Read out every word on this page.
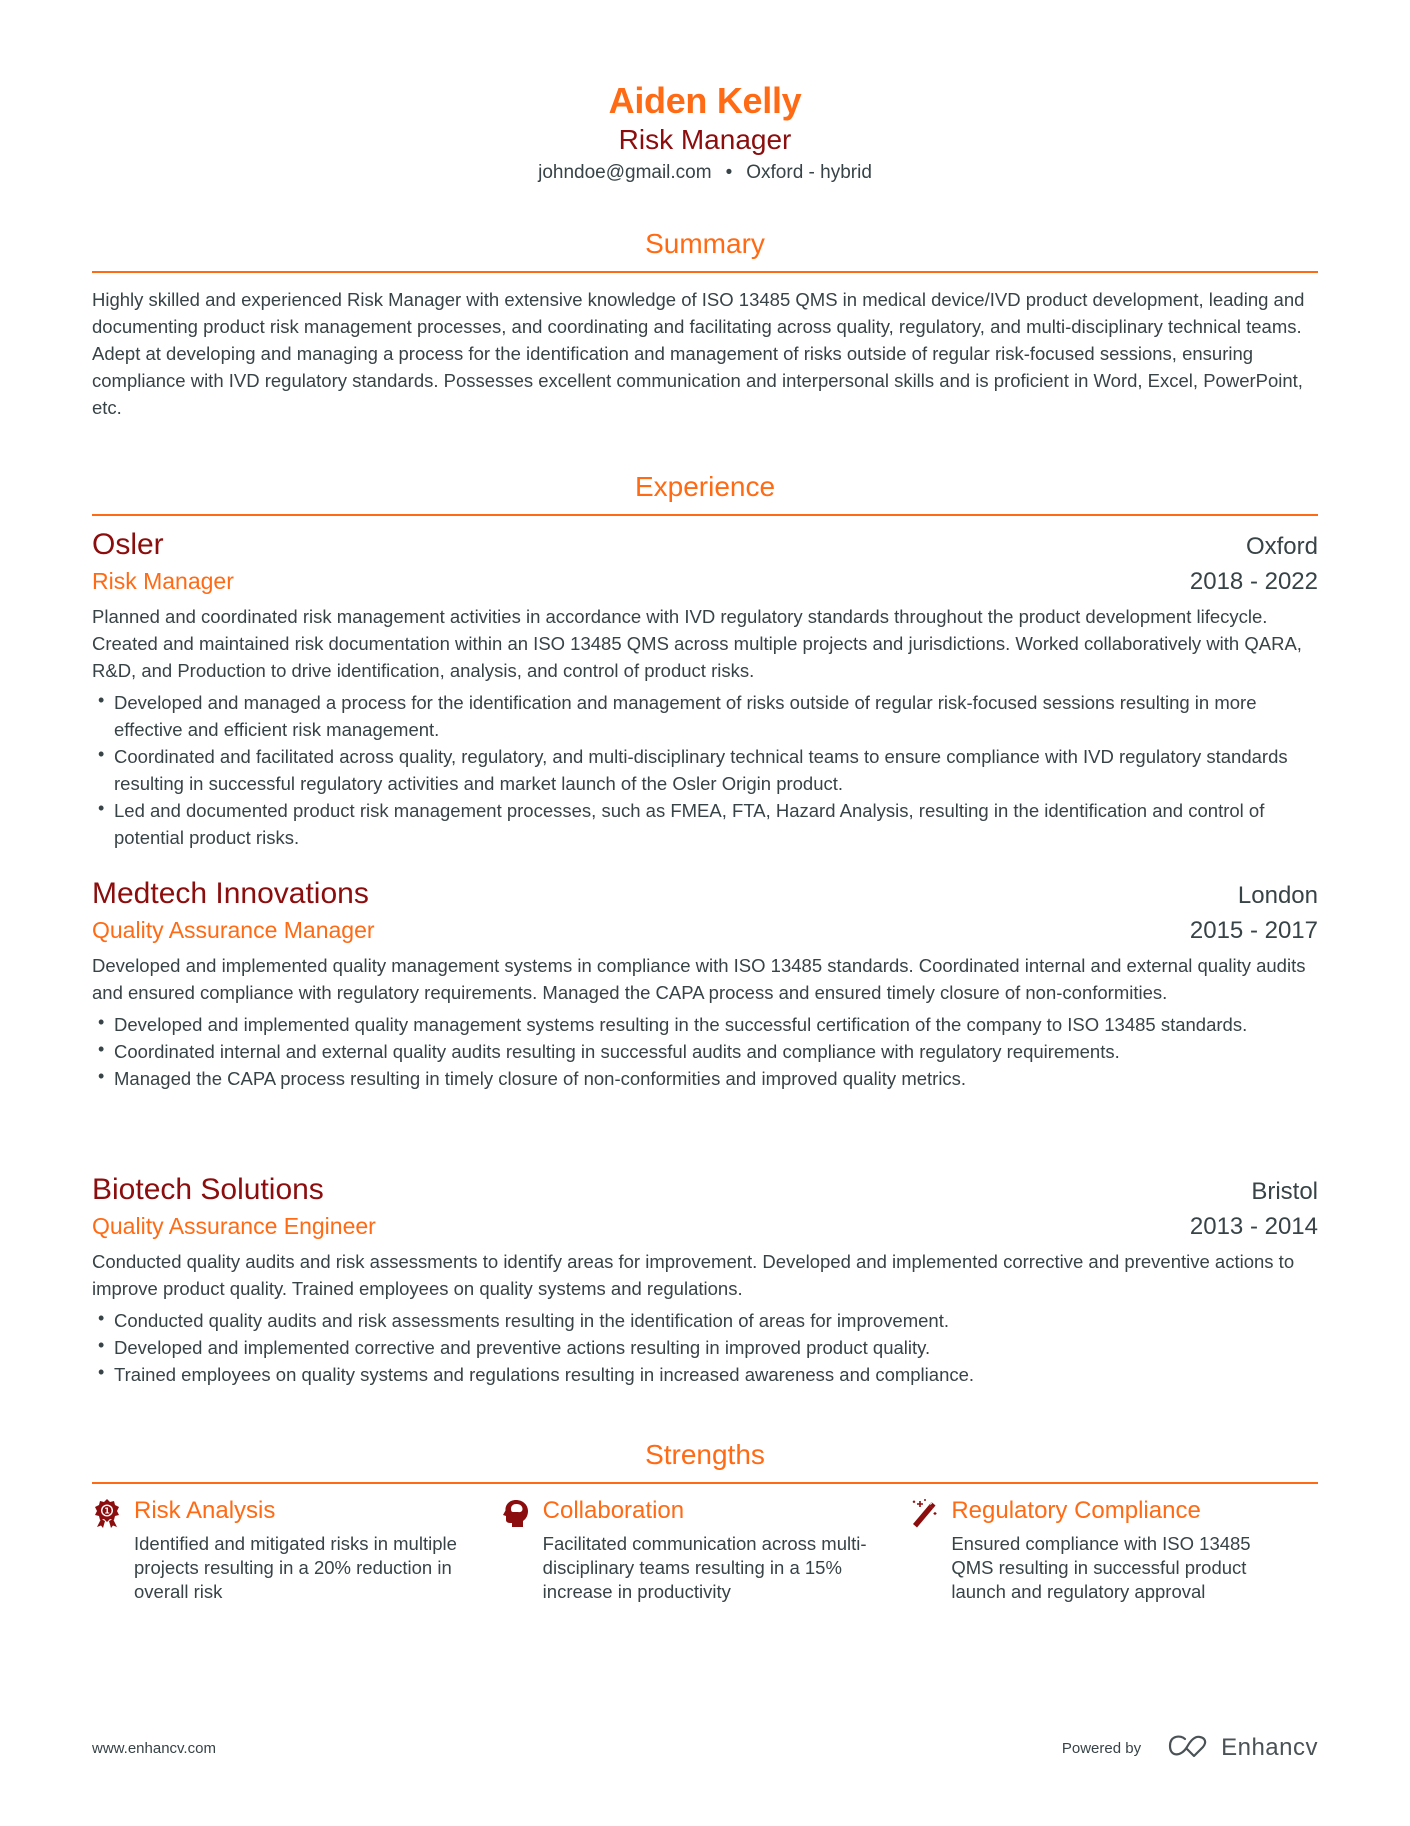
Aiden Kelly
Risk Manager
johndoe@gmail.com • Oxford - hybrid
Summary
Highly skilled and experienced Risk Manager with extensive knowledge of ISO 13485 QMS in medical device/IVD product development, leading and documenting product risk management processes, and coordinating and facilitating across quality, regulatory, and multi-disciplinary technical teams. Adept at developing and managing a process for the identification and management of risks outside of regular risk-focused sessions, ensuring compliance with IVD regulatory standards. Possesses excellent communication and interpersonal skills and is proficient in Word, Excel, PowerPoint, etc.
Experience
Osler	Oxford
Risk Manager	2018 - 2022
Planned and coordinated risk management activities in accordance with IVD regulatory standards throughout the product development lifecycle. Created and maintained risk documentation within an ISO 13485 QMS across multiple projects and jurisdictions. Worked collaboratively with QARA, R&D, and Production to drive identification, analysis, and control of product risks.
• Developed and managed a process for the identification and management of risks outside of regular risk-focused sessions resulting in more effective and efficient risk management.
• Coordinated and facilitated across quality, regulatory, and multi-disciplinary technical teams to ensure compliance with IVD regulatory standards resulting in successful regulatory activities and market launch of the Osler Origin product.
• Led and documented product risk management processes, such as FMEA, FTA, Hazard Analysis, resulting in the identification and control of potential product risks.
Medtech Innovations	London
Quality Assurance Manager	2015 - 2017
Developed and implemented quality management systems in compliance with ISO 13485 standards. Coordinated internal and external quality audits and ensured compliance with regulatory requirements. Managed the CAPA process and ensured timely closure of non-conformities.
• Developed and implemented quality management systems resulting in the successful certification of the company to ISO 13485 standards.
• Coordinated internal and external quality audits resulting in successful audits and compliance with regulatory requirements.
• Managed the CAPA process resulting in timely closure of non-conformities and improved quality metrics.
Biotech Solutions	Bristol
Quality Assurance Engineer	2013 - 2014
Conducted quality audits and risk assessments to identify areas for improvement. Developed and implemented corrective and preventive actions to improve product quality. Trained employees on quality systems and regulations.
• Conducted quality audits and risk assessments resulting in the identification of areas for improvement.
• Developed and implemented corrective and preventive actions resulting in improved product quality.
• Trained employees on quality systems and regulations resulting in increased awareness and compliance.
Strengths
1 Risk Analysis
Identified and mitigated risks in multiple projects resulting in a 20% reduction in overall risk
Collaboration
Facilitated communication across multi-disciplinary teams resulting in a 15% increase in productivity
Regulatory Compliance
Ensured compliance with ISO 13485 QMS resulting in successful product launch and regulatory approval
www.enhancv.com	Powered by	Enhancv
